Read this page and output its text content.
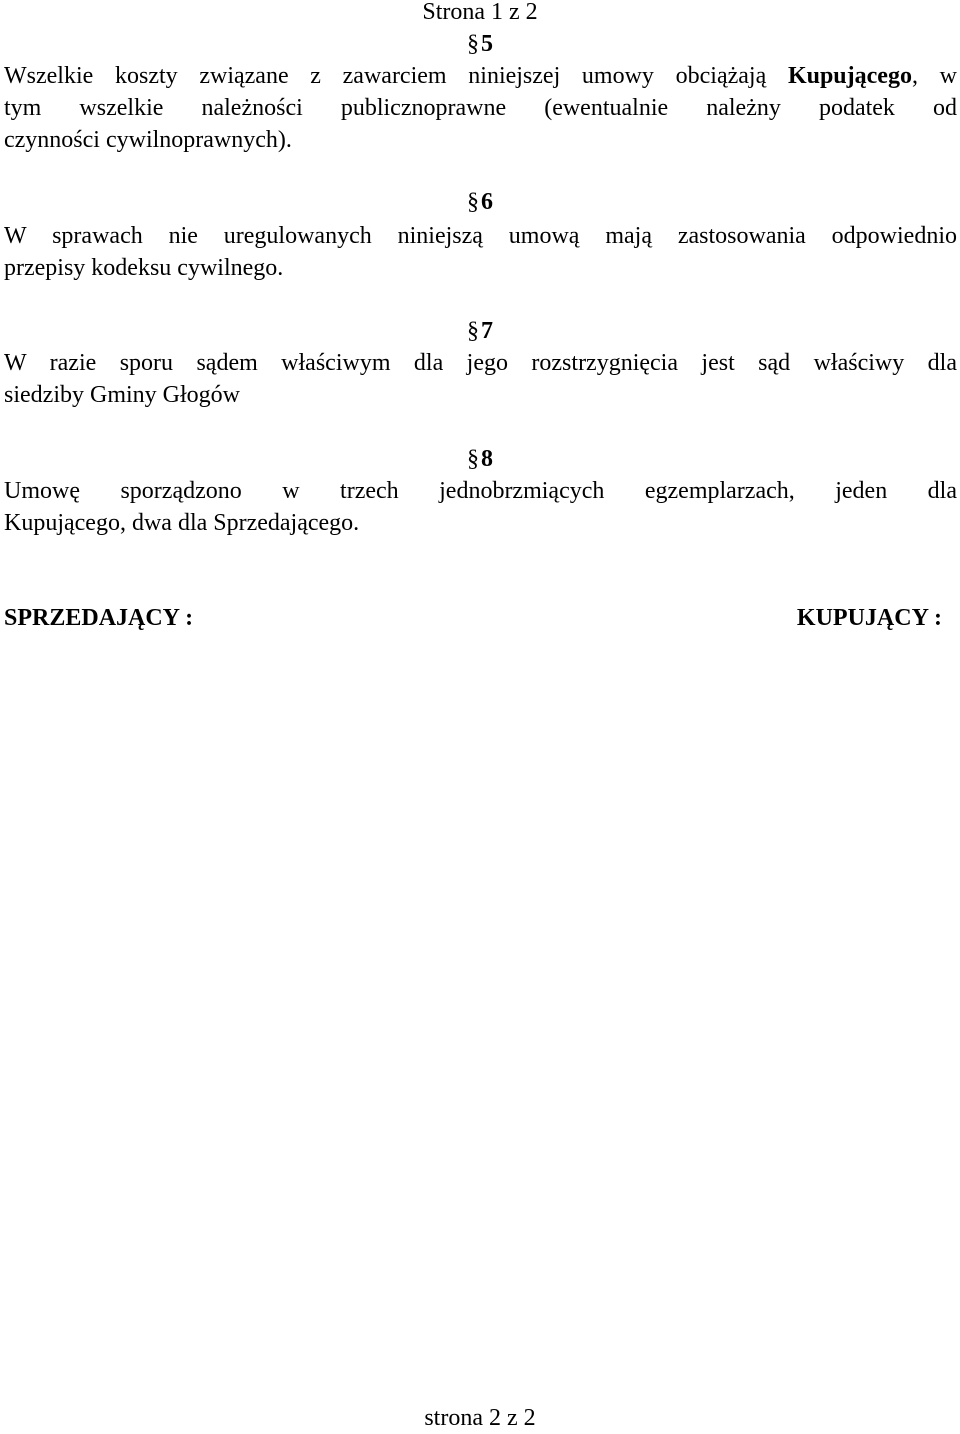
Strona 1 z 2
§5
Wszelkie koszty związane z zawarciem niniejszej umowy obciążają Kupującego, w
tym wszelkie należności publicznoprawne (ewentualnie należny podatek od
czynności cywilnoprawnych).
§6
W sprawach nie uregulowanych niniejszą umową mają zastosowania odpowiednio
przepisy kodeksu cywilnego.
§7
W razie sporu sądem właściwym dla jego rozstrzygnięcia jest sąd właściwy dla
siedziby Gminy Głogów
§8
Umowę sporządzono w trzech jednobrzmiących egzemplarzach, jeden dla
Kupującego, dwa dla Sprzedającego.
SPRZEDAJĄCY :	KUPUJĄCY :
strona 2 z 2
